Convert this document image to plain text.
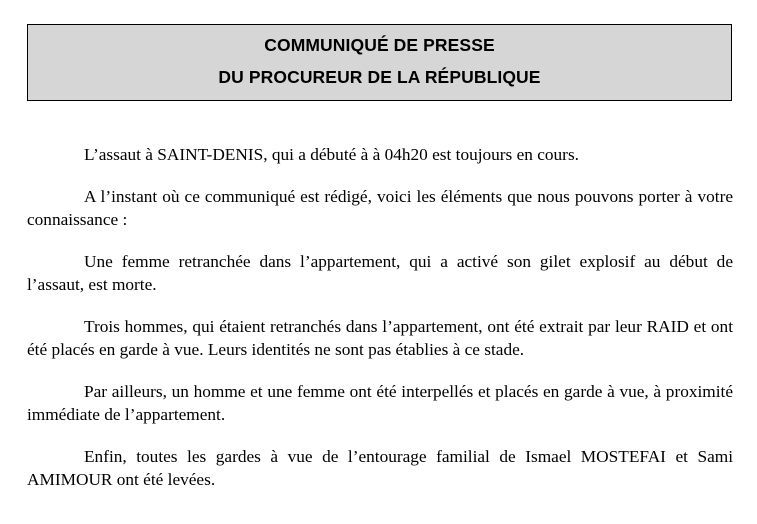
COMMUNIQUÉ DE PRESSE
DU PROCUREUR DE LA RÉPUBLIQUE

L’assaut à SAINT-DENIS, qui a débuté à à 04h20 est toujours en cours.

A l’instant où ce communiqué est rédigé, voici les éléments que nous pouvons porter à votre connaissance :

Une femme retranchée dans l’appartement, qui a activé son gilet explosif au début de l’assaut, est morte.

Trois hommes, qui étaient retranchés dans l’appartement, ont été extrait par leur RAID et ont été placés en garde à vue. Leurs identités ne sont pas établies à ce stade.

Par ailleurs, un homme et une femme ont été interpellés et placés en garde à vue, à proximité immédiate de l’appartement.

Enfin, toutes les gardes à vue de l’entourage familial de Ismael MOSTEFAI et Sami AMIMOUR ont été levées.
